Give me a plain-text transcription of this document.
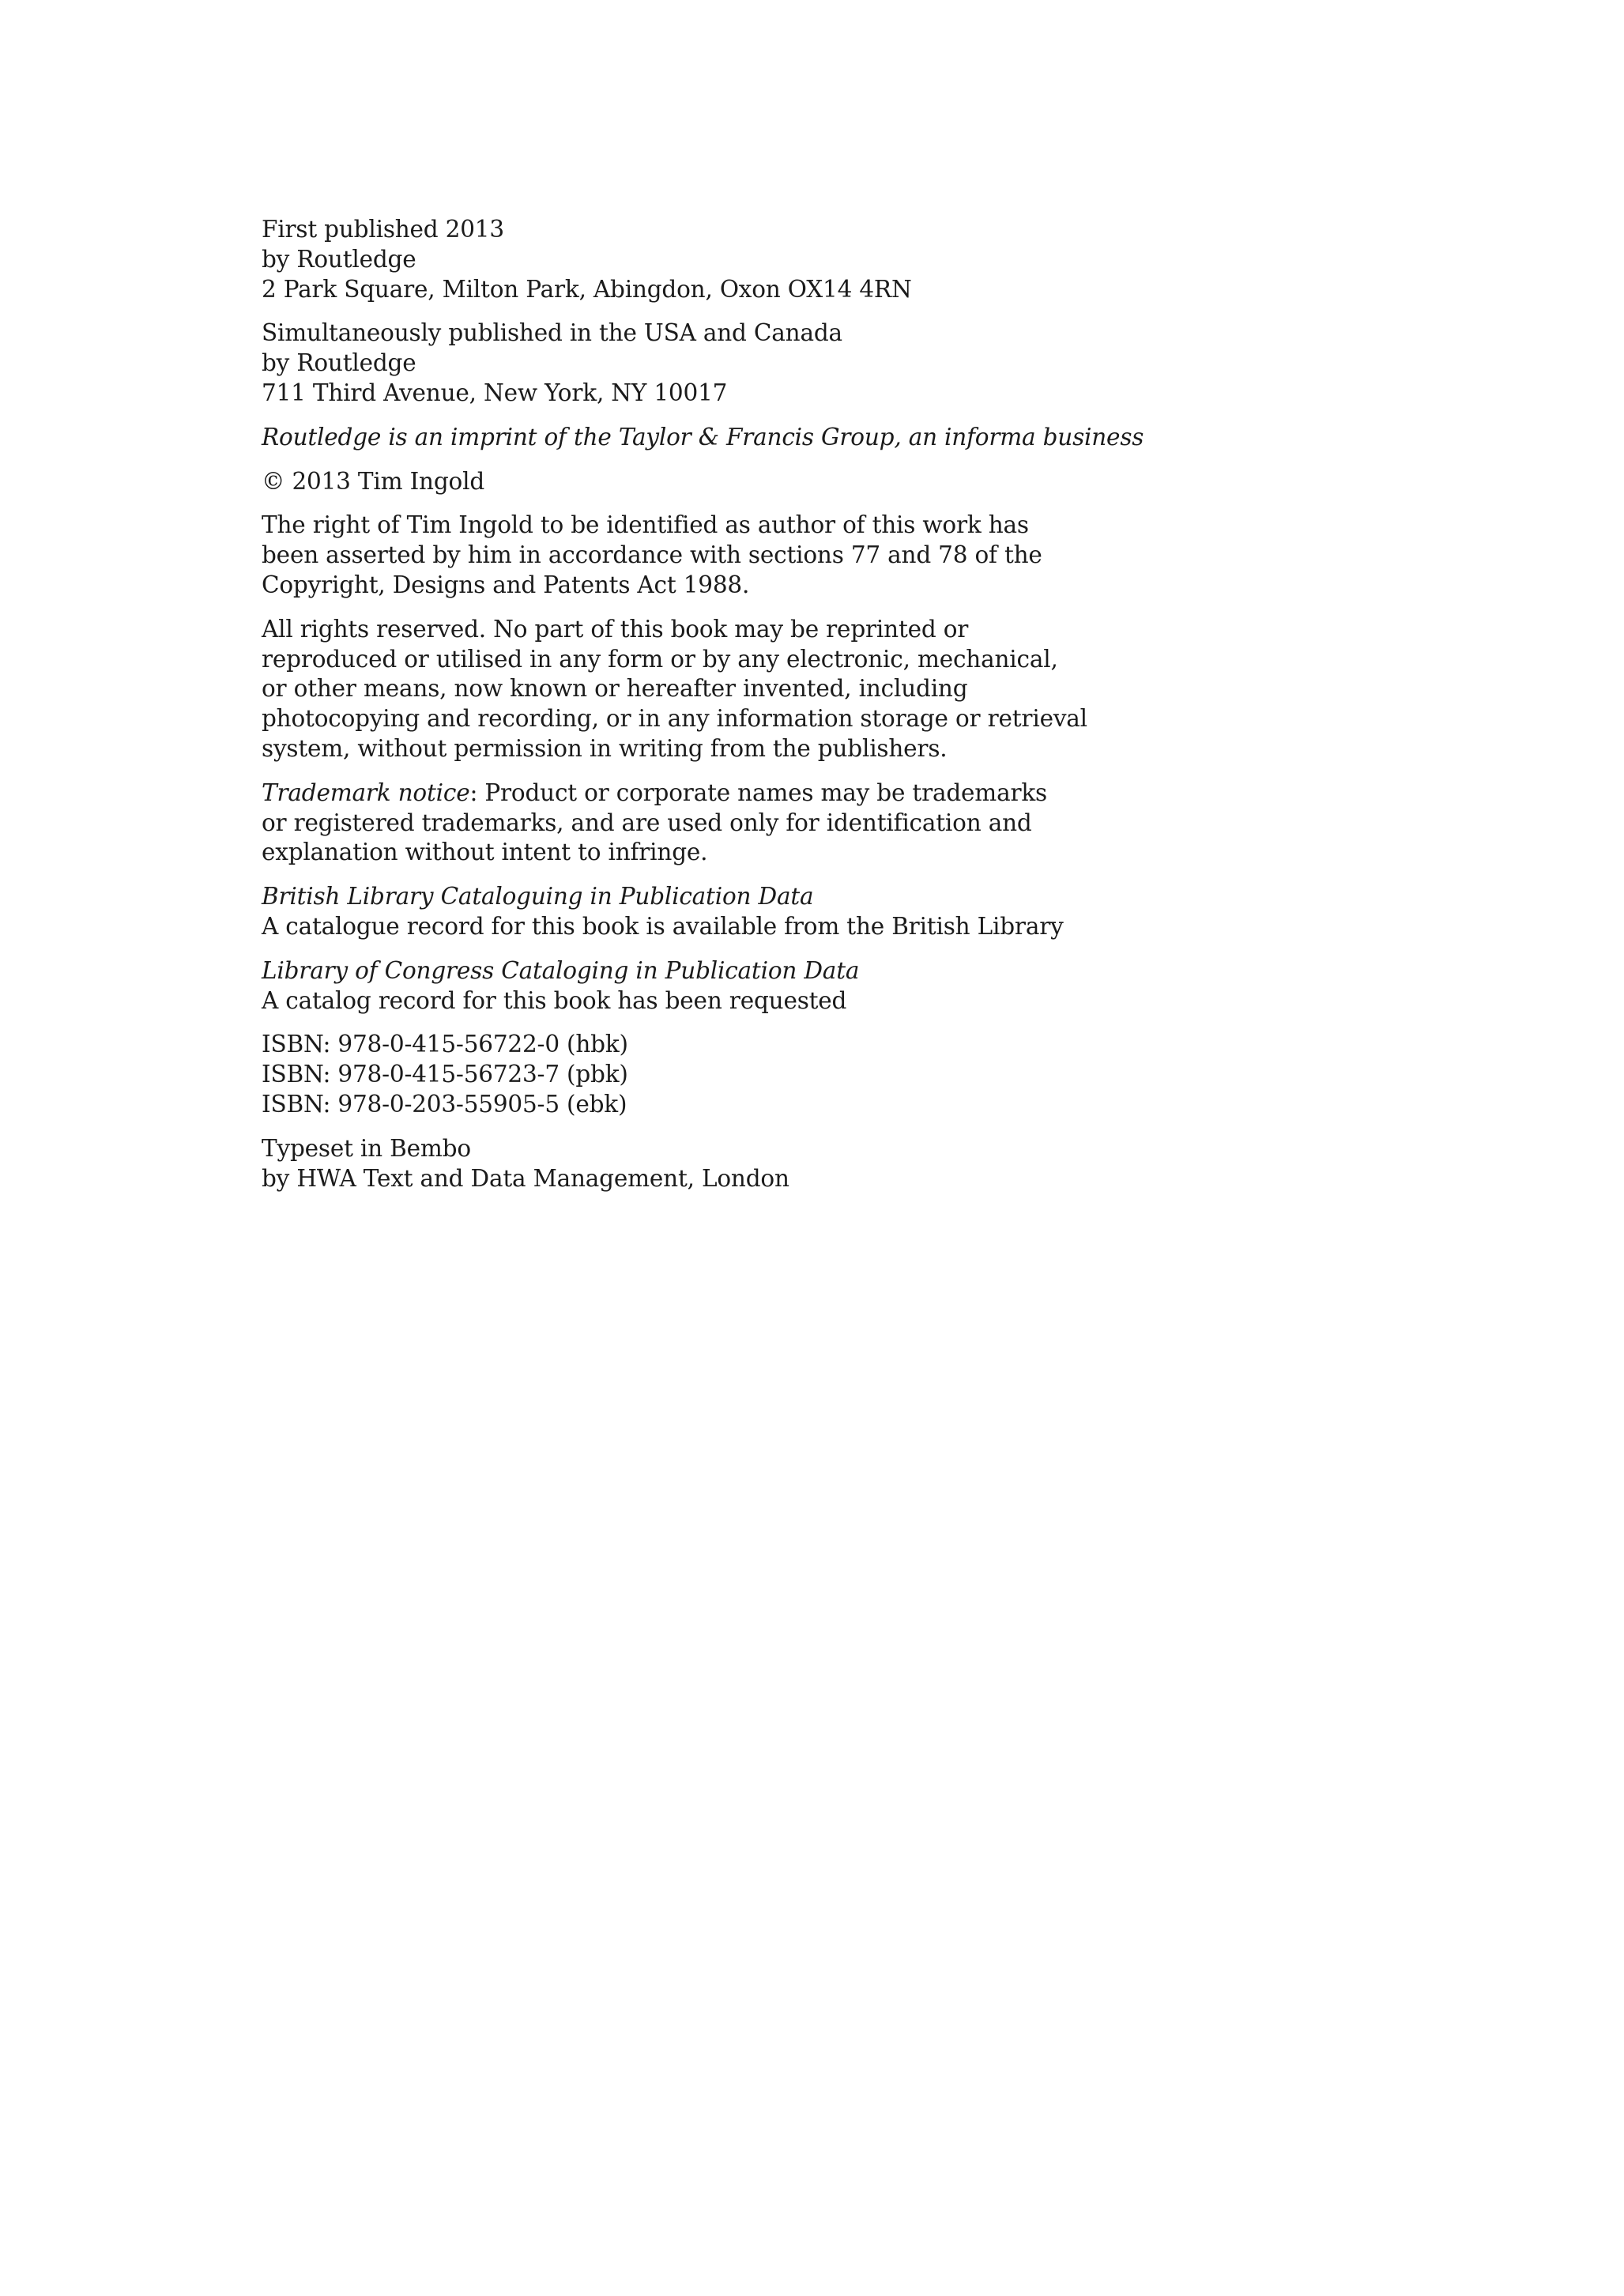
First published 2013
by Routledge
2 Park Square, Milton Park, Abingdon, Oxon OX14 4RN
Simultaneously published in the USA and Canada
by Routledge
711 Third Avenue, New York, NY 10017
Routledge is an imprint of the Taylor & Francis Group, an informa business
© 2013 Tim Ingold
The right of Tim Ingold to be identified as author of this work has
been asserted by him in accordance with sections 77 and 78 of the
Copyright, Designs and Patents Act 1988.
All rights reserved. No part of this book may be reprinted or
reproduced or utilised in any form or by any electronic, mechanical,
or other means, now known or hereafter invented, including
photocopying and recording, or in any information storage or retrieval
system, without permission in writing from the publishers.
Trademark notice: Product or corporate names may be trademarks
or registered trademarks, and are used only for identification and
explanation without intent to infringe.
British Library Cataloguing in Publication Data
A catalogue record for this book is available from the British Library
Library of Congress Cataloging in Publication Data
A catalog record for this book has been requested
ISBN: 978-0-415-56722-0 (hbk)
ISBN: 978-0-415-56723-7 (pbk)
ISBN: 978-0-203-55905-5 (ebk)
Typeset in Bembo
by HWA Text and Data Management, London
